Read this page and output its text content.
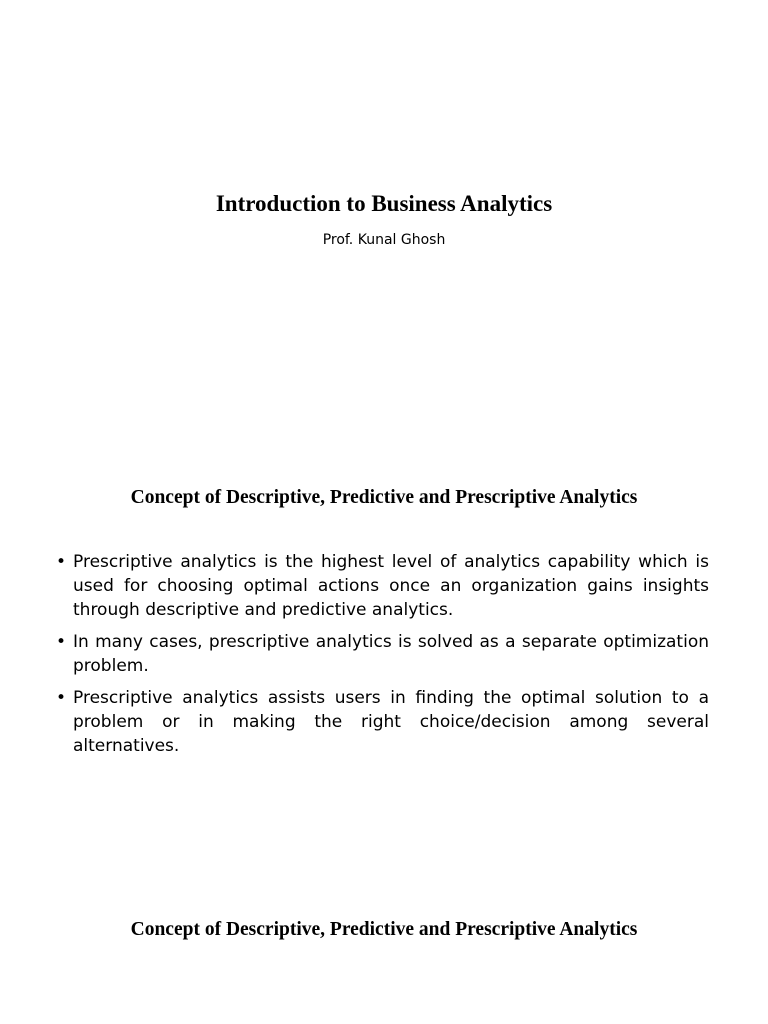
Introduction to Business Analytics

Prof. Kunal Ghosh

Concept of Descriptive, Predictive and Prescriptive Analytics
• Prescriptive analytics is the highest level of analytics capability which is used for choosing optimal actions once an organization gains insights through descriptive and predictive analytics.
• In many cases, prescriptive analytics is solved as a separate optimization problem.
• Prescriptive analytics assists users in finding the optimal solution to a problem or in making the right choice/decision among several alternatives.
Concept of Descriptive, Predictive and Prescriptive Analytics
